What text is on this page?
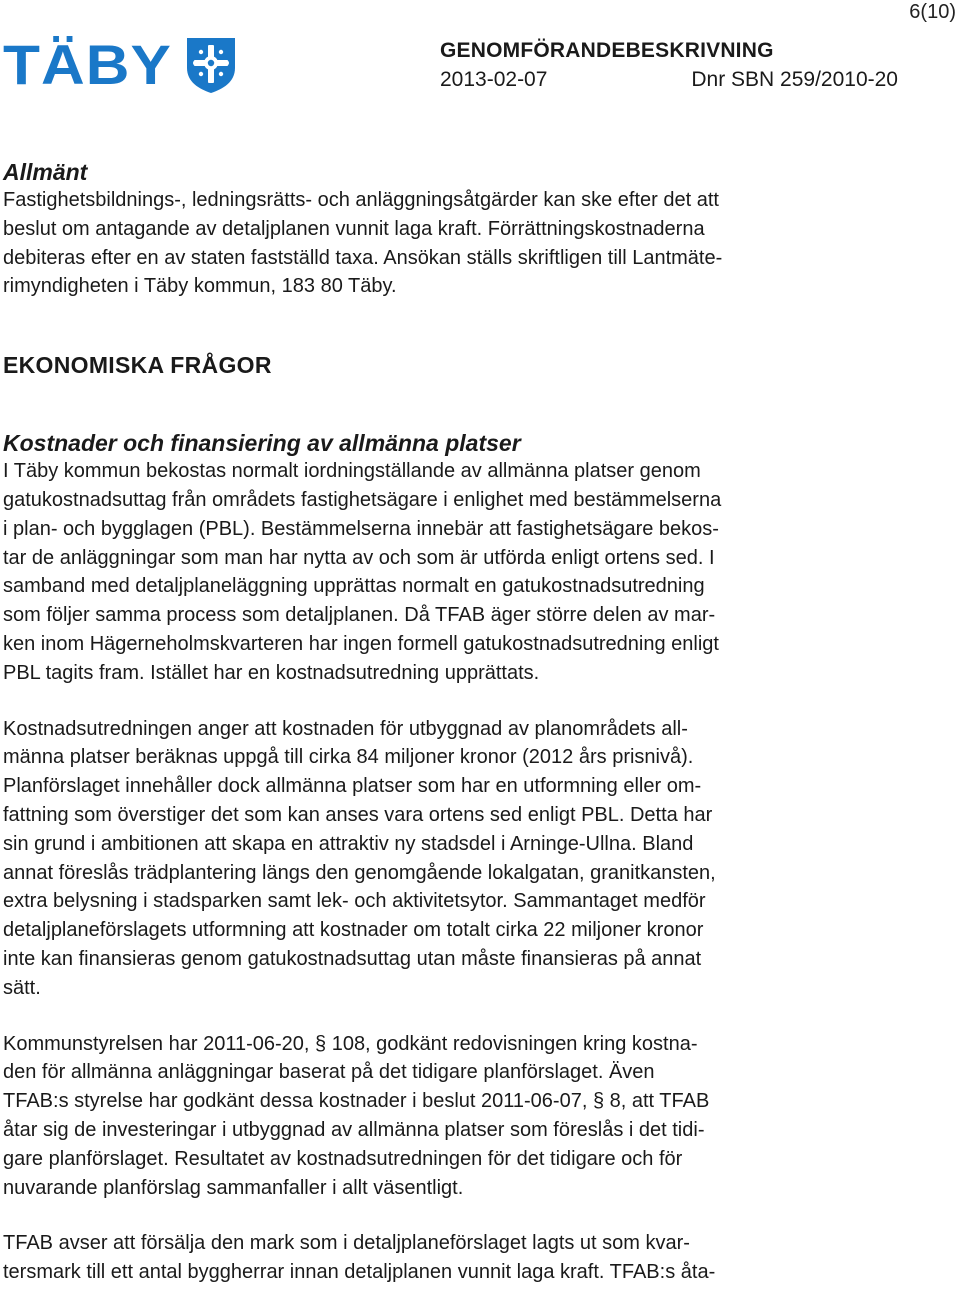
6(10)
TÄBY	GENOMFÖRANDEBESKRIVNING
2013-02-07	Dnr SBN 259/2010-20
Allmänt

Fastighetsbildnings-, ledningsrätts- och anläggningsåtgärder kan ske efter det att
beslut om antagande av detaljplanen vunnit laga kraft. Förrättningskostnaderna
debiteras efter en av staten fastställd taxa. Ansökan ställs skriftligen till Lantmäte-
rimyndigheten i Täby kommun, 183 80 Täby.

EKONOMISKA FRÅGOR
Kostnader och finansiering av allmänna platser

I Täby kommun bekostas normalt iordningställande av allmänna platser genom
gatukostnadsuttag från områdets fastighetsägare i enlighet med bestämmelserna
i plan- och bygglagen (PBL). Bestämmelserna innebär att fastighetsägare bekos-
tar de anläggningar som man har nytta av och som är utförda enligt ortens sed. I
samband med detaljplaneläggning upprättas normalt en gatukostnadsutredning
som följer samma process som detaljplanen. Då TFAB äger större delen av mar-
ken inom Hägerneholmskvarteren har ingen formell gatukostnadsutredning enligt
PBL tagits fram. Istället har en kostnadsutredning upprättats.

Kostnadsutredningen anger att kostnaden för utbyggnad av planområdets all-
männa platser beräknas uppgå till cirka 84 miljoner kronor (2012 års prisnivå).
Planförslaget innehåller dock allmänna platser som har en utformning eller om-
fattning som överstiger det som kan anses vara ortens sed enligt PBL. Detta har
sin grund i ambitionen att skapa en attraktiv ny stadsdel i Arninge-Ullna. Bland
annat föreslås trädplantering längs den genomgående lokalgatan, granitkansten,
extra belysning i stadsparken samt lek- och aktivitetsytor. Sammantaget medför
detaljplaneförslagets utformning att kostnader om totalt cirka 22 miljoner kronor
inte kan finansieras genom gatukostnadsuttag utan måste finansieras på annat
sätt.

Kommunstyrelsen har 2011-06-20, § 108, godkänt redovisningen kring kostna-
den för allmänna anläggningar baserat på det tidigare planförslaget. Även
TFAB:s styrelse har godkänt dessa kostnader i beslut 2011-06-07, § 8, att TFAB
åtar sig de investeringar i utbyggnad av allmänna platser som föreslås i det tidi-
gare planförslaget. Resultatet av kostnadsutredningen för det tidigare och för
nuvarande planförslag sammanfaller i allt väsentligt.

TFAB avser att försälja den mark som i detaljplaneförslaget lagts ut som kvar-
tersmark till ett antal byggherrar innan detaljplanen vunnit laga kraft. TFAB:s åta-
